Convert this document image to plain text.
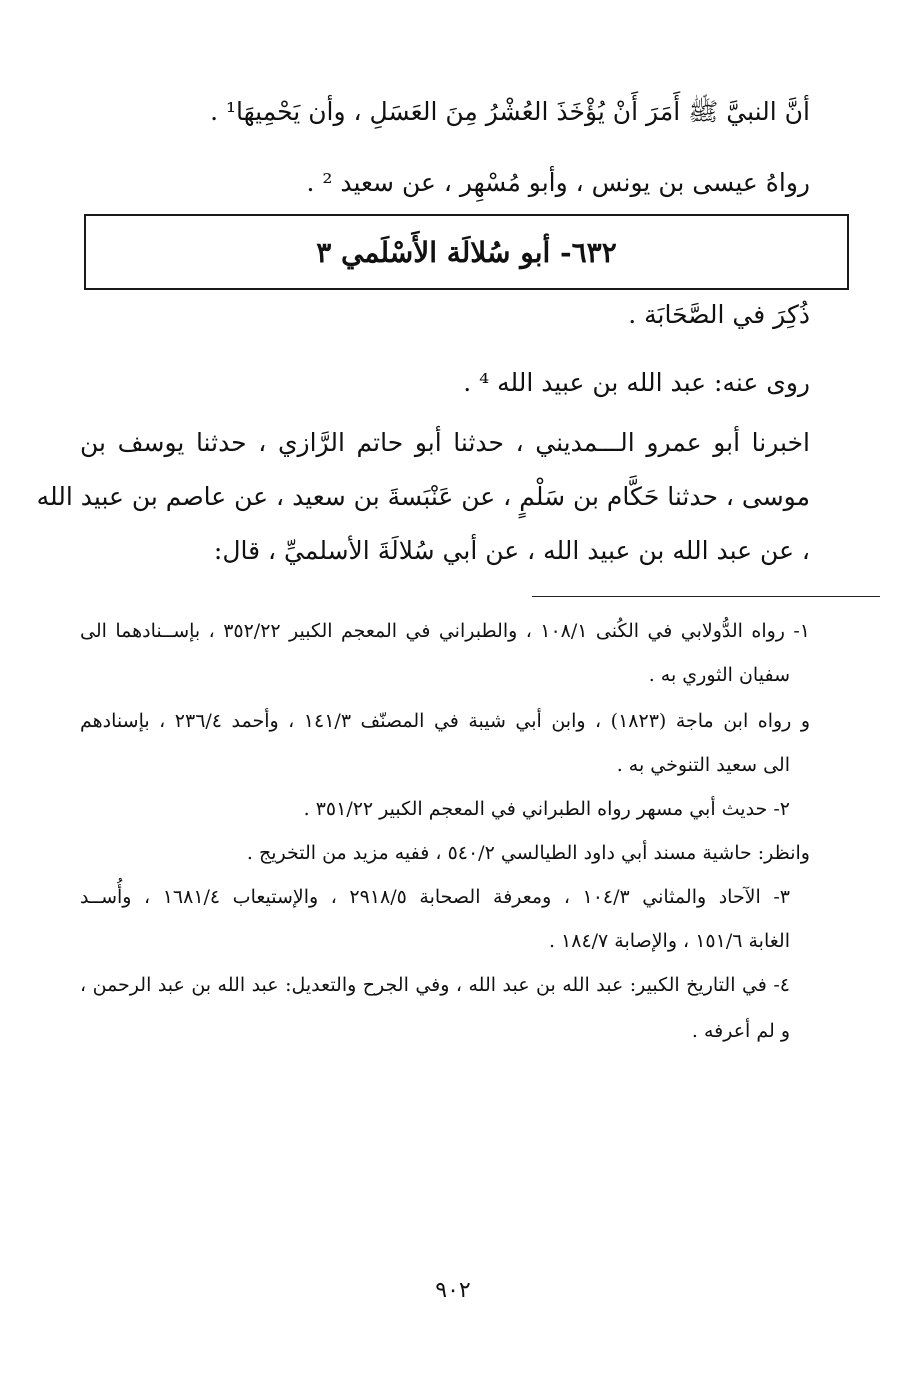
أنَّ النبيَّ ﷺ أَمَرَ أَنْ يُؤْخَذَ العُشْرُ مِنَ العَسَلِ ، وأن يَحْمِيهَا¹ .
رواهُ عيسى بن يونس ، وأبو مُسْهِر ، عن سعيد ² .
٦٣٢- أبو سُلالَة الأَسْلَمي ٣
ذُكِرَ في الصَّحَابَة .
روى عنه: عبد الله بن عبيد الله ⁴ .
اخبرنا أبو عمرو الـــمديني ، حدثنا أبو حاتم الرَّازي ، حدثنا يوسف بن
موسى ، حدثنا حَكَّام بن سَلْمٍ ، عن عَنْبَسةَ بن سعيد ، عن عاصم بن عبيد الله
، عن عبد الله بن عبيد الله ، عن أبي سُلالَةَ الأسلميِّ ، قال:
١- رواه الدُّولابي في الكُنى ١٠٨/١ ، والطبراني في المعجم الكبير ٣٥٢/٢٢ ، بإســنادهما الى
سفيان الثوري به .
و رواه ابن ماجة (١٨٢٣) ، وابن أبي شيبة في المصنّف ١٤١/٣ ، وأحمد ٢٣٦/٤ ، بإسنادهم
الى سعيد التنوخي به .
٢- حديث أبي مسهر رواه الطبراني في المعجم الكبير ٣٥١/٢٢ .
وانظر: حاشية مسند أبي داود الطيالسي ٥٤٠/٢ ، ففيه مزيد من التخريج .
٣- الآحاد والمثاني ١٠٤/٣ ، ومعرفة الصحابة ٢٩١٨/٥ ، والإستيعاب ١٦٨١/٤ ، وأُســد
الغابة ١٥١/٦ ، والإصابة ١٨٤/٧ .
٤- في التاريخ الكبير: عبد الله بن عبد الله ، وفي الجرح والتعديل: عبد الله بن عبد الرحمن ،
و لم أعرفه .
٩٠٢
